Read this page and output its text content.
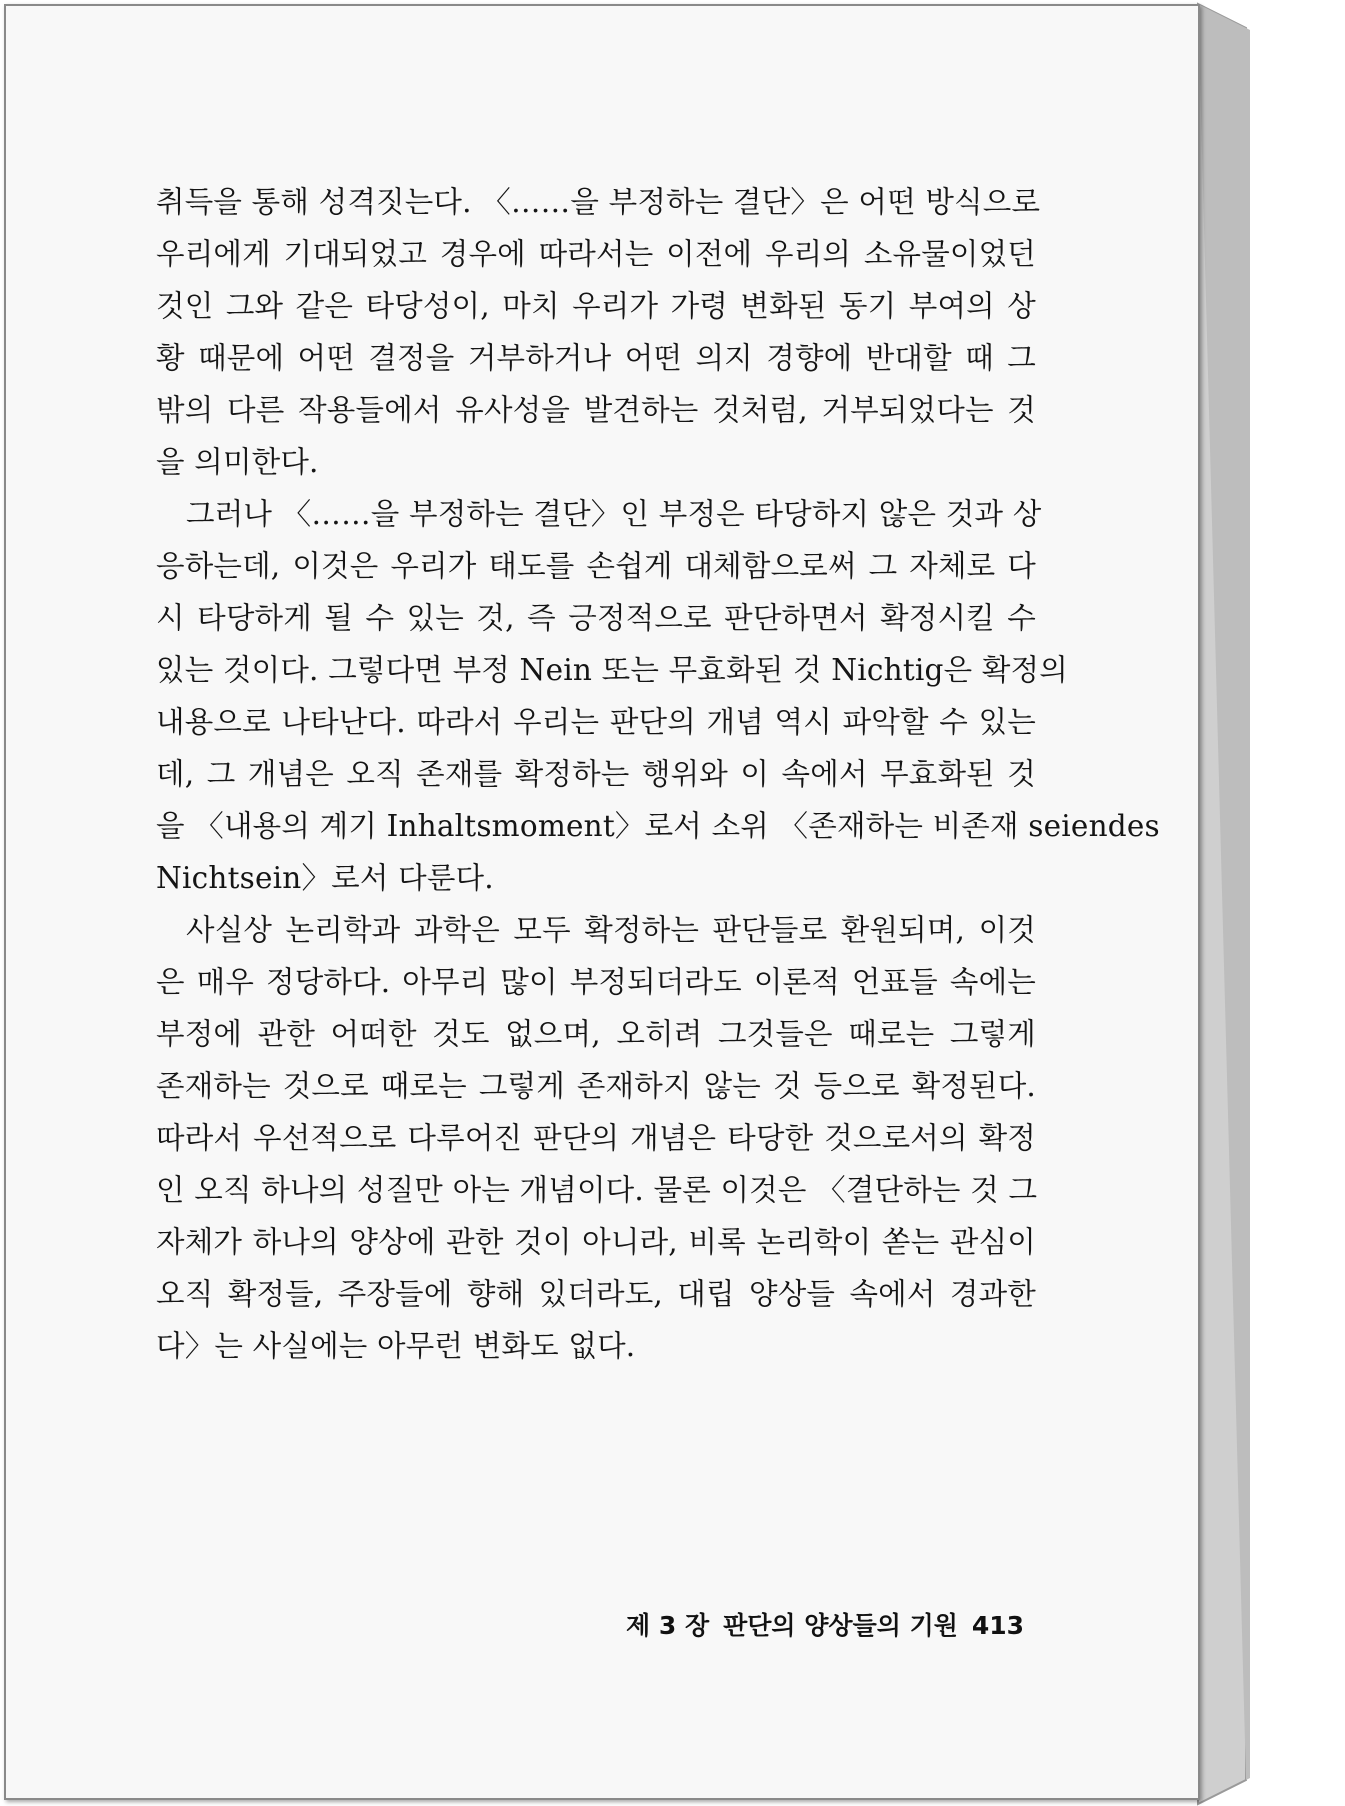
취득을 통해 성격짓는다. 〈……을 부정하는 결단〉은 어떤 방식으로
우리에게 기대되었고 경우에 따라서는 이전에 우리의 소유물이었던
것인 그와 같은 타당성이, 마치 우리가 가령 변화된 동기 부여의 상
황 때문에 어떤 결정을 거부하거나 어떤 의지 경향에 반대할 때 그
밖의 다른 작용들에서 유사성을 발견하는 것처럼, 거부되었다는 것
을 의미한다.
그러나 〈……을 부정하는 결단〉인 부정은 타당하지 않은 것과 상
응하는데, 이것은 우리가 태도를 손쉽게 대체함으로써 그 자체로 다
시 타당하게 될 수 있는 것, 즉 긍정적으로 판단하면서 확정시킬 수
있는 것이다. 그렇다면 부정 Nein 또는 무효화된 것 Nichtig은 확정의
내용으로 나타난다. 따라서 우리는 판단의 개념 역시 파악할 수 있는
데, 그 개념은 오직 존재를 확정하는 행위와 이 속에서 무효화된 것
을 〈내용의 계기 Inhaltsmoment〉로서 소위 〈존재하는 비존재 seiendes
Nichtsein〉로서 다룬다.
사실상 논리학과 과학은 모두 확정하는 판단들로 환원되며, 이것
은 매우 정당하다. 아무리 많이 부정되더라도 이론적 언표들 속에는
부정에 관한 어떠한 것도 없으며, 오히려 그것들은 때로는 그렇게
존재하는 것으로 때로는 그렇게 존재하지 않는 것 등으로 확정된다.
따라서 우선적으로 다루어진 판단의 개념은 타당한 것으로서의 확정
인 오직 하나의 성질만 아는 개념이다. 물론 이것은 〈결단하는 것 그
자체가 하나의 양상에 관한 것이 아니라, 비록 논리학이 쏟는 관심이
오직 확정들, 주장들에 향해 있더라도, 대립 양상들 속에서 경과한
다〉는 사실에는 아무런 변화도 없다.
제 3 장 판단의 양상들의 기원 413
